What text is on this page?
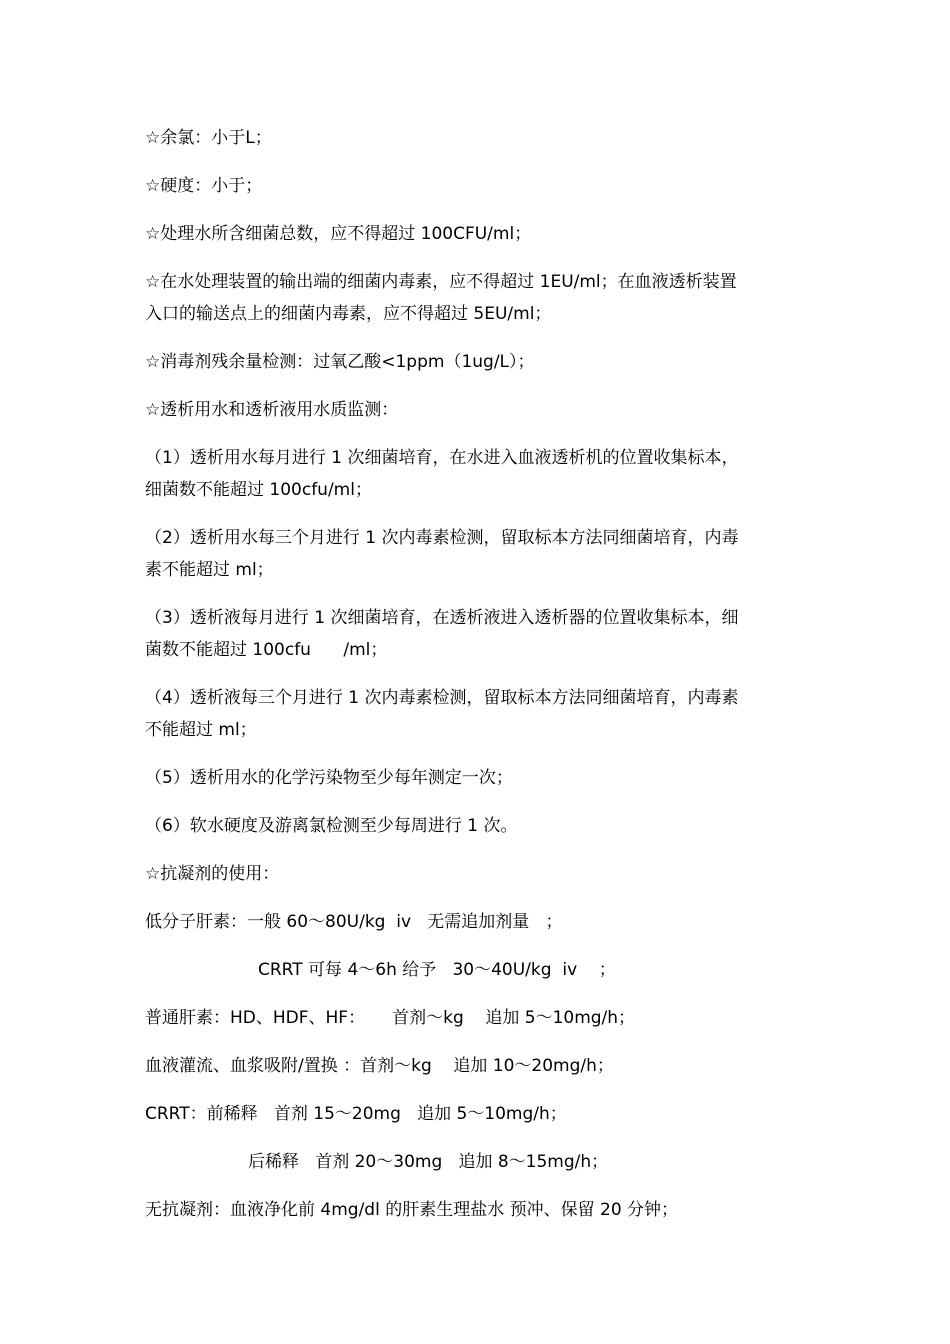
☆余氯：小于L；
☆硬度：小于；
☆处理水所含细菌总数，应不得超过 100CFU/ml；
☆在水处理装置的输出端的细菌内毒素，应不得超过 1EU/ml；在血液透析装置
入口的输送点上的细菌内毒素，应不得超过 5EU/ml；
☆消毒剂残余量检测：过氧乙酸<1ppm（1ug/L）；
☆透析用水和透析液用水质监测：
（1）透析用水每月进行 1 次细菌培育，在水进入血液透析机的位置收集标本，
细菌数不能超过 100cfu/ml；
（2）透析用水每三个月进行 1 次内毒素检测，留取标本方法同细菌培育，内毒
素不能超过 ml；
（3）透析液每月进行 1 次细菌培育，在透析液进入透析器的位置收集标本，细
菌数不能超过 100cfu      /ml；
（4）透析液每三个月进行 1 次内毒素检测，留取标本方法同细菌培育，内毒素
不能超过 ml；
（5）透析用水的化学污染物至少每年测定一次；
（6）软水硬度及游离氯检测至少每周进行 1 次。
☆抗凝剂的使用：
低分子肝素：一般 60～80U/kg  iv   无需追加剂量   ；
CRRT 可每 4～6h 给予   30～40U/kg  iv    ；
普通肝素：HD、HDF、HF：     首剂～kg    追加 5～10mg/h；
血液灌流、血浆吸附/置换 ：首剂～kg    追加 10～20mg/h；
CRRT：前稀释   首剂 15～20mg   追加 5～10mg/h；
后稀释   首剂 20～30mg   追加 8～15mg/h；
无抗凝剂：血液净化前 4mg/dl 的肝素生理盐水 预冲、保留 20 分钟；
